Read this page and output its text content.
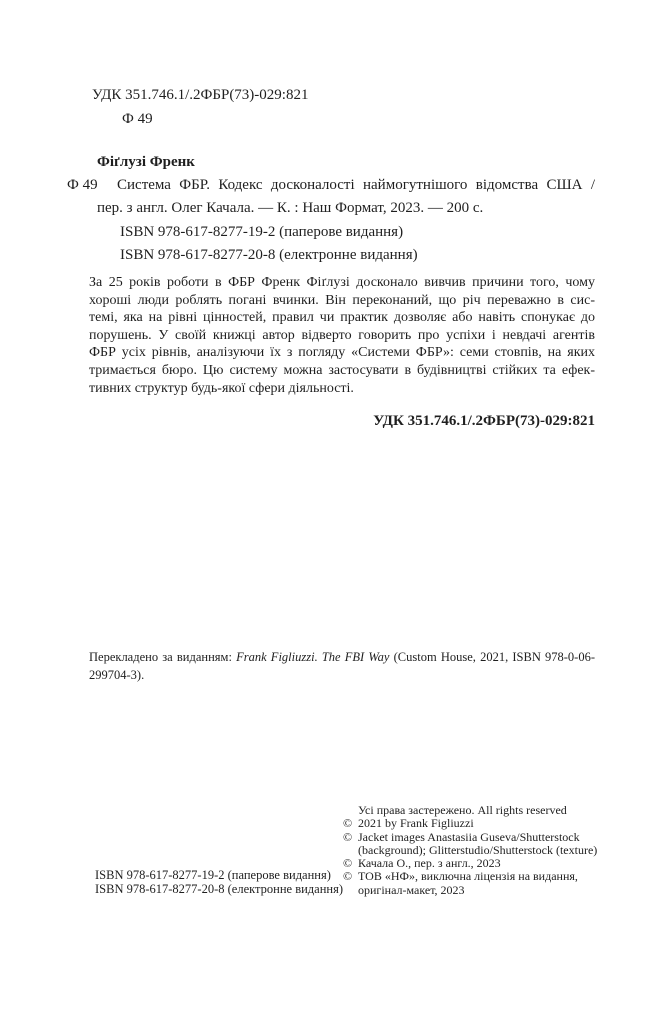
УДК 351.746.1/.2ФБР(73)-029:821
Ф 49
Фіґлузі Френк
Ф 49 Система ФБР. Кодекс досконалості наймогутнішого відомства США /
пер. з англ. Олег Качала. — К. : Наш Формат, 2023. — 200 с.
ISBN 978-617-8277-19-2 (паперове видання)
ISBN 978-617-8277-20-8 (електронне видання)
За 25 років роботи в ФБР Френк Фіґлузі досконало вивчив причини того, чому
хороші люди роблять погані вчинки. Він переконаний, що річ переважно в сис-
темі, яка на рівні цінностей, правил чи практик дозволяє або навіть спонукає до
порушень. У своїй книжці автор відверто говорить про успіхи і невдачі агентів
ФБР усіх рівнів, аналізуючи їх з погляду «Системи ФБР»: семи стовпів, на яких
тримається бюро. Цю систему можна застосувати в будівництві стійких та ефек-
тивних структур будь-якої сфери діяльності.
УДК 351.746.1/.2ФБР(73)-029:821
Перекладено за виданням: Frank Figliuzzi. The FBI Way (Custom House, 2021, ISBN 978-0-06-
299704-3).
Усі права застережено. All rights reserved
© 2021 by Frank Figliuzzi
© Jacket images Anastasiia Guseva/Shutterstock
(background); Glitterstudio/Shutterstock (texture)
© Качала О., пер. з англ., 2023
© ТОВ «НФ», виключна ліцензія на видання,
оригінал-макет, 2023
ISBN 978-617-8277-19-2 (паперове видання)
ISBN 978-617-8277-20-8 (електронне видання)
